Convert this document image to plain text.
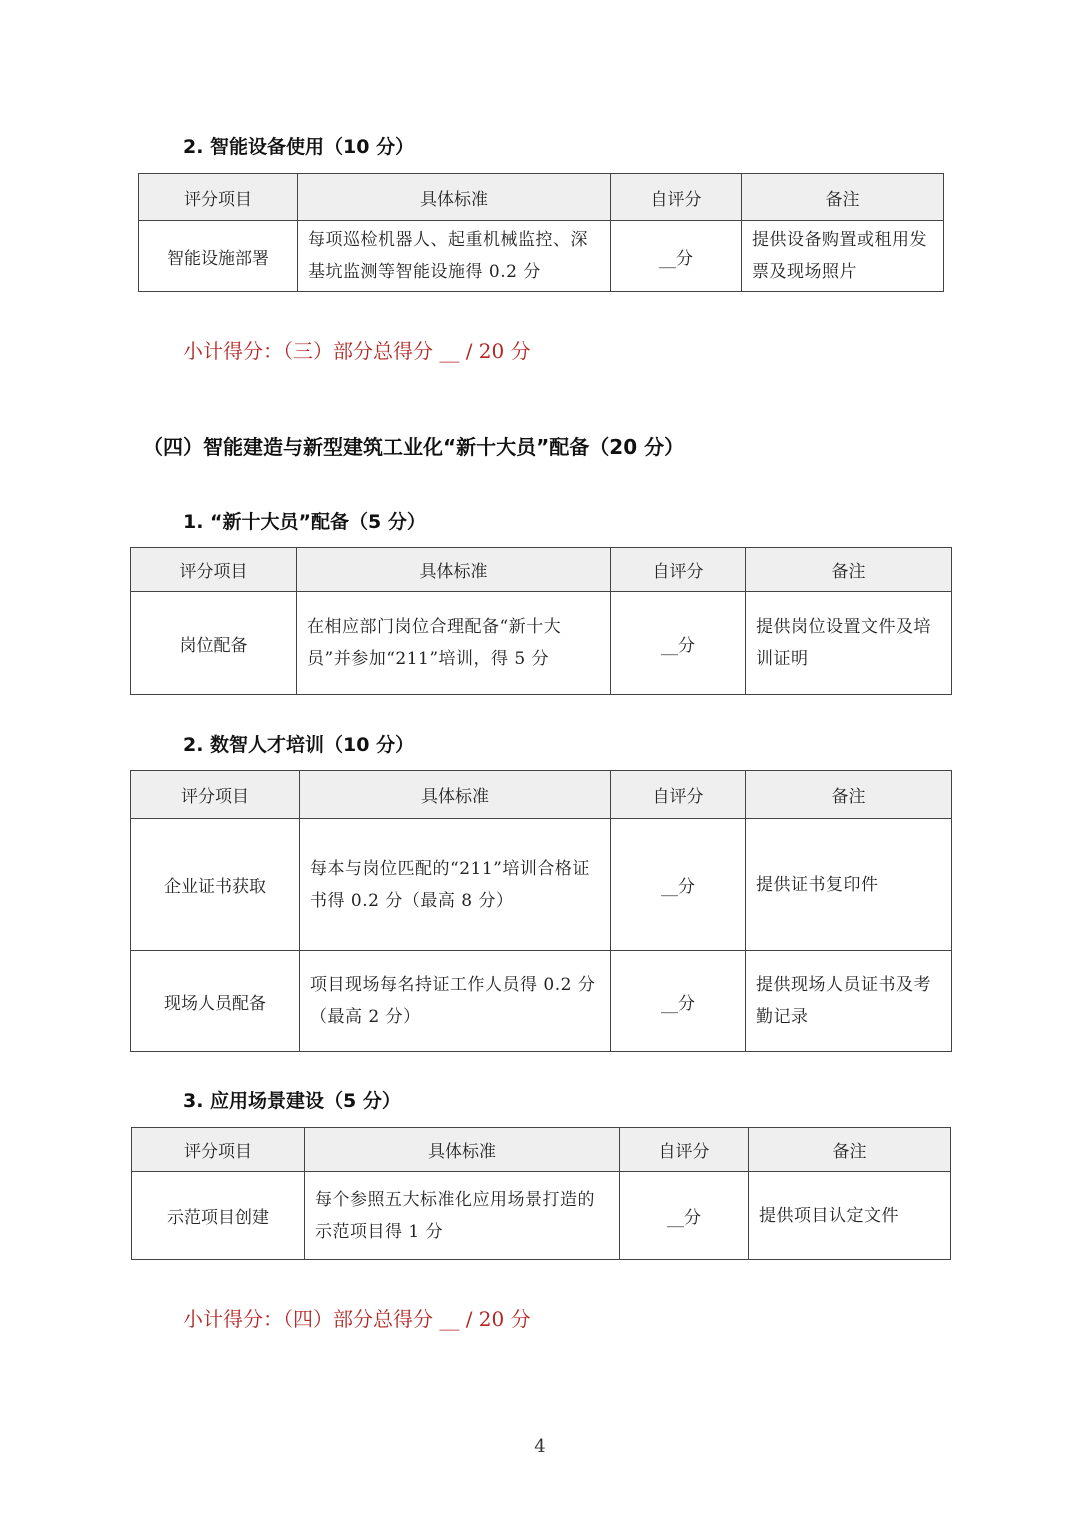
2. 智能设备使用（10 分）
评分项目	具体标准	自评分	备注
智能设施部署	每项巡检机器人、起重机械监控、深基坑监测等智能设施得 0.2 分	__分	提供设备购置或租用发票及现场照片
小计得分：（三）部分总得分 __ / 20 分
（四）智能建造与新型建筑工业化“新十大员”配备（20 分）
1. “新十大员”配备（5 分）
评分项目	具体标准	自评分	备注
岗位配备	在相应部门岗位合理配备“新十大员”并参加“211”培训，得 5 分	__分	提供岗位设置文件及培训证明
2. 数智人才培训（10 分）
评分项目	具体标准	自评分	备注
企业证书获取	每本与岗位匹配的“211”培训合格证书得 0.2 分（最高 8 分）	__分	提供证书复印件
现场人员配备	项目现场每名持证工作人员得 0.2 分（最高 2 分）	__分	提供现场人员证书及考勤记录
3. 应用场景建设（5 分）
评分项目	具体标准	自评分	备注
示范项目创建	每个参照五大标准化应用场景打造的示范项目得 1 分	__分	提供项目认定文件
小计得分：（四）部分总得分 __ / 20 分
4
